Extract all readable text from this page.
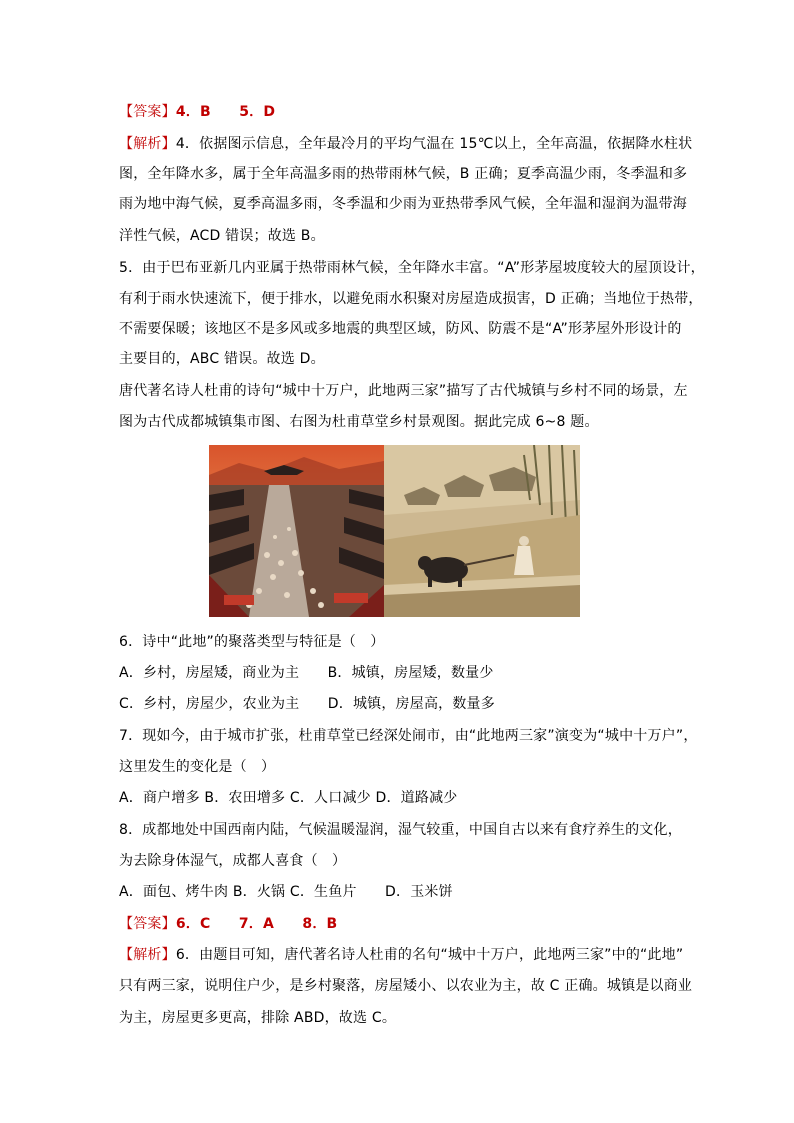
【答案】4．B　　5．D
【解析】4．依据图示信息，全年最冷月的平均气温在 15℃以上，全年高温，依据降水柱状
图，全年降水多，属于全年高温多雨的热带雨林气候，B 正确；夏季高温少雨，冬季温和多
雨为地中海气候，夏季高温多雨，冬季温和少雨为亚热带季风气候，全年温和湿润为温带海
洋性气候，ACD 错误；故选 B。
5．由于巴布亚新几内亚属于热带雨林气候，全年降水丰富。“A”形茅屋坡度较大的屋顶设计，
有利于雨水快速流下，便于排水，以避免雨水积聚对房屋造成损害，D 正确；当地位于热带，
不需要保暖；该地区不是多风或多地震的典型区域，防风、防震不是“A”形茅屋外形设计的
主要目的，ABC 错误。故选 D。
唐代著名诗人杜甫的诗句“城中十万户，此地两三家”描写了古代城镇与乡村不同的场景，左
图为古代成都城镇集市图、右图为杜甫草堂乡村景观图。据此完成 6~8 题。
6．诗中“此地”的聚落类型与特征是（　）
A．乡村，房屋矮，商业为主　　B．城镇，房屋矮，数量少
C．乡村，房屋少，农业为主　　D．城镇，房屋高，数量多
7．现如今，由于城市扩张，杜甫草堂已经深处闹市，由“此地两三家”演变为“城中十万户”，
这里发生的变化是（　）
A．商户增多 B．农田增多 C．人口减少 D．道路减少
8．成都地处中国西南内陆，气候温暖湿润，湿气较重，中国自古以来有食疗养生的文化，
为去除身体湿气，成都人喜食（　）
A．面包、烤牛肉 B．火锅 C．生鱼片　　D．玉米饼
【答案】6．C　　7．A　　8．B
【解析】6．由题目可知，唐代著名诗人杜甫的名句“城中十万户，此地两三家”中的“此地”
只有两三家，说明住户少，是乡村聚落，房屋矮小、以农业为主，故 C 正确。城镇是以商业
为主，房屋更多更高，排除 ABD，故选 C。
